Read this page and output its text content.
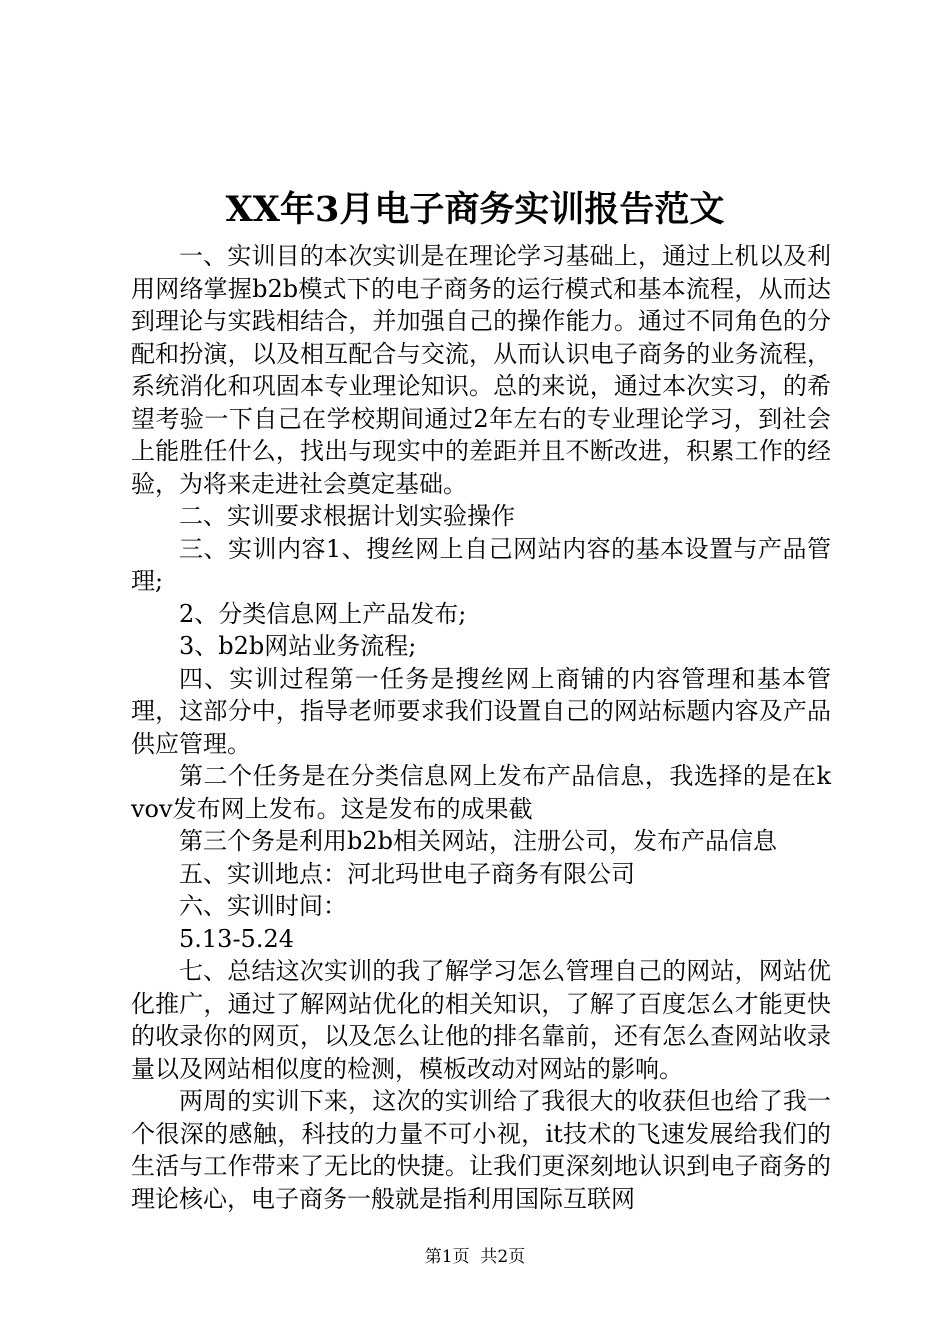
XX年3月电子商务实训报告范文

一、实训目的本次实训是在理论学习基础上，通过上机以及利用网络掌握b2b模式下的电子商务的运行模式和基本流程，从而达到理论与实践相结合，并加强自己的操作能力。通过不同角色的分配和扮演，以及相互配合与交流，从而认识电子商务的业务流程，系统消化和巩固本专业理论知识。总的来说，通过本次实习，的希望考验一下自己在学校期间通过2年左右的专业理论学习，到社会上能胜任什么，找出与现实中的差距并且不断改进，积累工作的经验，为将来走进社会奠定基础。

二、实训要求根据计划实验操作

三、实训内容1、搜丝网上自己网站内容的基本设置与产品管理;

2、分类信息网上产品发布;

3、b2b网站业务流程;

四、实训过程第一任务是搜丝网上商铺的内容管理和基本管理，这部分中，指导老师要求我们设置自己的网站标题内容及产品供应管理。

第二个任务是在分类信息网上发布产品信息，我选择的是在kvov发布网上发布。这是发布的成果截

第三个务是利用b2b相关网站，注册公司，发布产品信息

五、实训地点：河北玛世电子商务有限公司

六、实训时间：

5.13-5.24

七、总结这次实训的我了解学习怎么管理自己的网站，网站优化推广，通过了解网站优化的相关知识，了解了百度怎么才能更快的收录你的网页，以及怎么让他的排名靠前，还有怎么查网站收录量以及网站相似度的检测，模板改动对网站的影响。

两周的实训下来，这次的实训给了我很大的收获但也给了我一个很深的感触，科技的力量不可小视，it技术的飞速发展给我们的生活与工作带来了无比的快捷。让我们更深刻地认识到电子商务的理论核心，电子商务一般就是指利用国际互联网

第1页 共2页
